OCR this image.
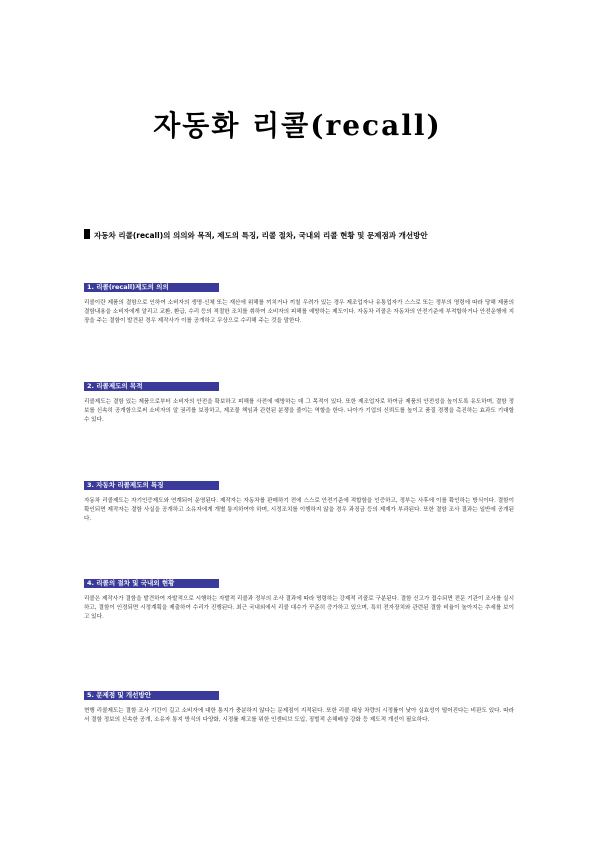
자동화 리콜(recall)
자동차 리콜(recall)의 의의와 목적, 제도의 특징, 리콜 절차, 국내외 리콜 현황 및 문제점과 개선방안
1. 리콜(recall)제도의 의의
리콜이란 제품의 결함으로 인하여 소비자의 생명·신체 또는 재산에 위해를 끼치거나 끼칠 우려가 있는 경우 제조업자나 유통업자가 스스로 또는 정부의 명령에 따라 당해 제품의 결함내용을 소비자에게 알리고 교환, 환급, 수리 등의 적절한 조치를 취하여 소비자의 피해를 예방하는 제도이다. 자동차 리콜은 자동차의 안전기준에 부적합하거나 안전운행에 지장을 주는 결함이 발견된 경우 제작사가 이를 공개하고 무상으로 수리해 주는 것을 말한다.
2. 리콜제도의 목적
리콜제도는 결함 있는 제품으로부터 소비자의 안전을 확보하고 피해를 사전에 예방하는 데 그 목적이 있다. 또한 제조업자로 하여금 제품의 안전성을 높이도록 유도하며, 결함 정보를 신속히 공개함으로써 소비자의 알 권리를 보장하고, 제조물 책임과 관련된 분쟁을 줄이는 역할을 한다. 나아가 기업의 신뢰도를 높이고 품질 경쟁을 촉진하는 효과도 기대할 수 있다.
3. 자동차 리콜제도의 특징
자동차 리콜제도는 자기인증제도와 연계되어 운영된다. 제작자는 자동차를 판매하기 전에 스스로 안전기준에 적합함을 인증하고, 정부는 사후에 이를 확인하는 방식이다. 결함이 확인되면 제작자는 결함 사실을 공개하고 소유자에게 개별 통지하여야 하며, 시정조치를 이행하지 않을 경우 과징금 등의 제재가 부과된다. 또한 결함 조사 결과는 일반에 공개된다.
4. 리콜의 절차 및 국내외 현황
리콜은 제작사가 결함을 발견하여 자발적으로 시행하는 자발적 리콜과 정부의 조사 결과에 따라 명령하는 강제적 리콜로 구분된다. 결함 신고가 접수되면 전문 기관이 조사를 실시하고, 결함이 인정되면 시정계획을 제출하여 수리가 진행된다. 최근 국내외에서 리콜 대수가 꾸준히 증가하고 있으며, 특히 전자장치와 관련된 결함 비율이 높아지는 추세를 보이고 있다.
5. 문제점 및 개선방안
현행 리콜제도는 결함 조사 기간이 길고 소비자에 대한 통지가 충분하지 않다는 문제점이 지적된다. 또한 리콜 대상 차량의 시정률이 낮아 실효성이 떨어진다는 비판도 있다. 따라서 결함 정보의 신속한 공개, 소유자 통지 방식의 다양화, 시정률 제고를 위한 인센티브 도입, 징벌적 손해배상 강화 등 제도적 개선이 필요하다.
